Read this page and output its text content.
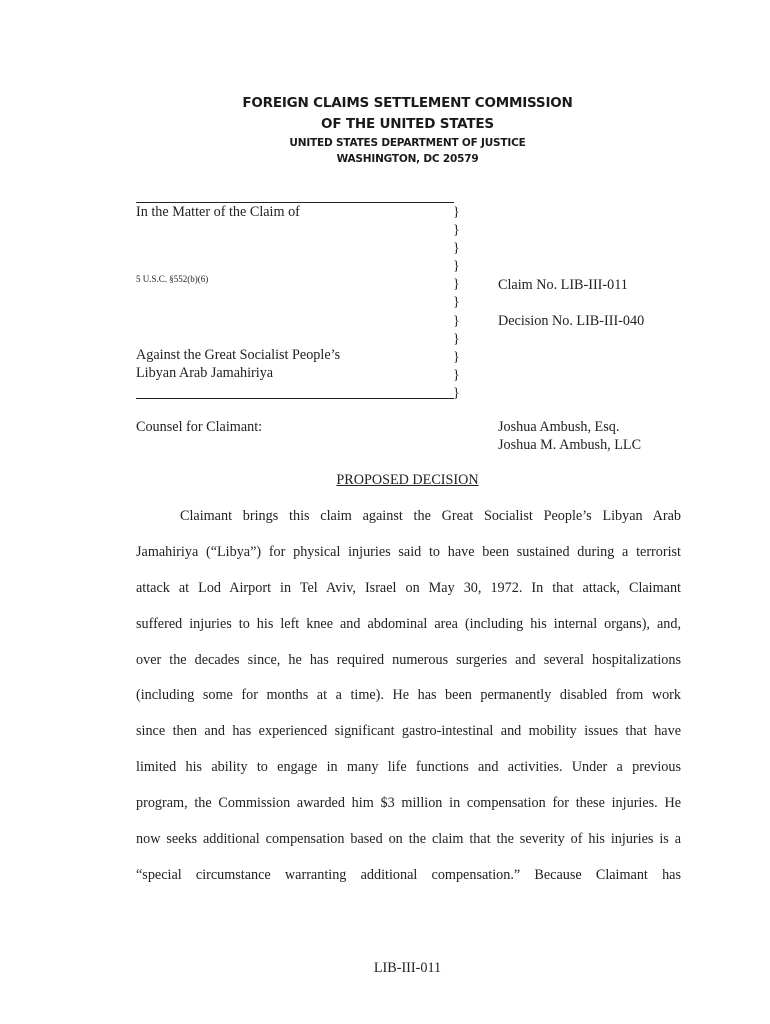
FOREIGN CLAIMS SETTLEMENT COMMISSION
OF THE UNITED STATES
UNITED STATES DEPARTMENT OF JUSTICE
WASHINGTON, DC 20579
In the Matter of the Claim of
5 U.S.C. §552(b)(6)
Against the Great Socialist People’s
Libyan Arab Jamahiriya
}
}
}
}
}
}
}
}
}
}
}
Claim No. LIB-III-011
Decision No. LIB-III-040
Counsel for Claimant:	Joshua Ambush, Esq.
Joshua M. Ambush, LLC
PROPOSED DECISION
Claimant brings this claim against the Great Socialist People’s Libyan Arab
Jamahiriya (“Libya”) for physical injuries said to have been sustained during a terrorist
attack at Lod Airport in Tel Aviv, Israel on May 30, 1972. In that attack, Claimant
suffered injuries to his left knee and abdominal area (including his internal organs), and,
over the decades since, he has required numerous surgeries and several hospitalizations
(including some for months at a time). He has been permanently disabled from work
since then and has experienced significant gastro-intestinal and mobility issues that have
limited his ability to engage in many life functions and activities. Under a previous
program, the Commission awarded him $3 million in compensation for these injuries. He
now seeks additional compensation based on the claim that the severity of his injuries is a
“special circumstance warranting additional compensation.” Because Claimant has
LIB-III-011
